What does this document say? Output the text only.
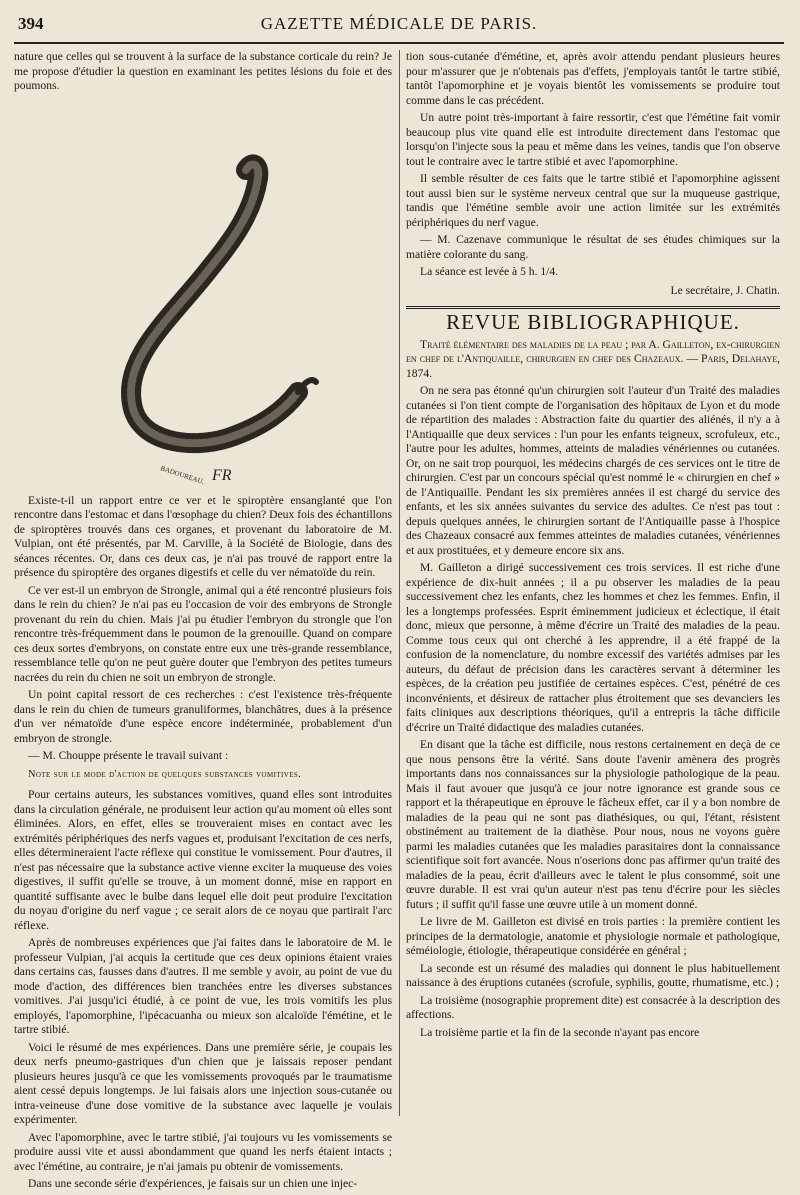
394	GAZETTE MÉDICALE DE PARIS.

nature que celles qui se trouvent à la surface de la substance corticale du rein? Je me propose d'étudier la question en examinant les petites lésions du foie et des poumons.

BADOUREAU. FR

Existe-t-il un rapport entre ce ver et le spiroptère ensanglanté que l'on rencontre dans l'estomac et dans l'œsophage du chien? Deux fois des échantillons de spiroptères trouvés dans ces organes, et provenant du laboratoire de M. Vulpian, ont été présentés, par M. Carville, à la Société de Biologie, dans des séances récentes. Or, dans ces deux cas, je n'ai pas trouvé de rapport entre la présence du spiroptère des organes digestifs et celle du ver nématoïde du rein.

Ce ver est-il un embryon de Strongle, animal qui a été rencontré plusieurs fois dans le rein du chien? Je n'ai pas eu l'occasion de voir des embryons de Strongle provenant du rein du chien. Mais j'ai pu étudier l'embryon du strongle que l'on rencontre très-fréquemment dans le poumon de la grenouille. Quand on compare ces deux sortes d'embryons, on constate entre eux une très-grande ressemblance, ressemblance telle qu'on ne peut guère douter que l'embryon des petites tumeurs nacrées du rein du chien ne soit un embryon de strongle.

Un point capital ressort de ces recherches : c'est l'existence très-fréquente dans le rein du chien de tumeurs granuliformes, blanchâtres, dues à la présence d'un ver nématoïde d'une espèce encore indéterminée, probablement d'un embryon de strongle.

— M. Chouppe présente le travail suivant :

Note sur le mode d'action de quelques substances vomitives.

Pour certains auteurs, les substances vomitives, quand elles sont introduites dans la circulation générale, ne produisent leur action qu'au moment où elles sont éliminées. Alors, en effet, elles se trouveraient mises en contact avec les extrémités périphériques des nerfs vagues et, produisant l'excitation de ces nerfs, elles détermineraient l'acte réflexe qui constitue le vomissement. Pour d'autres, il n'est pas nécessaire que la substance active vienne exciter la muqueuse des voies digestives, il suffit qu'elle se trouve, à un moment donné, mise en rapport en quantité suffisante avec le bulbe dans lequel elle doit peut produire l'excitation du noyau d'origine du nerf vague ; ce serait alors de ce noyau que partirait l'arc réflexe.

Après de nombreuses expériences que j'ai faites dans le laboratoire de M. le professeur Vulpian, j'ai acquis la certitude que ces deux opinions étaient vraies dans certains cas, fausses dans d'autres. Il me semble y avoir, au point de vue du mode d'action, des différences bien tranchées entre les diverses substances vomitives. J'ai jusqu'ici étudié, à ce point de vue, les trois vomitifs les plus employés, l'apomorphine, l'ipécacuanha ou mieux son alcaloïde l'émétine, et le tartre stibié.

Voici le résumé de mes expériences. Dans une première série, je coupais les deux nerfs pneumo-gastriques d'un chien que je laissais reposer pendant plusieurs heures jusqu'à ce que les vomissements provoqués par le traumatisme aient cessé depuis longtemps. Je lui faisais alors une injection sous-cutanée ou intra-veineuse d'une dose vomitive de la substance avec laquelle je voulais expérimenter.

Avec l'apomorphine, avec le tartre stibié, j'ai toujours vu les vomissements se produire aussi vite et aussi abondamment que quand les nerfs étaient intacts ; avec l'émétine, au contraire, je n'ai jamais pu obtenir de vomissements.

Dans une seconde série d'expériences, je faisais sur un chien une injec-

tion sous-cutanée d'émétine, et, après avoir attendu pendant plusieurs heures pour m'assurer que je n'obtenais pas d'effets, j'employais tantôt le tartre stibié, tantôt l'apomorphine et je voyais bientôt les vomissements se produire tout comme dans le cas précédent.

Un autre point très-important à faire ressortir, c'est que l'émétine fait vomir beaucoup plus vite quand elle est introduite directement dans l'estomac que lorsqu'on l'injecte sous la peau et même dans les veines, tandis que l'on observe tout le contraire avec le tartre stibié et avec l'apomorphine.

Il semble résulter de ces faits que le tartre stibié et l'apomorphine agissent tout aussi bien sur le système nerveux central que sur la muqueuse gastrique, tandis que l'émétine semble avoir une action limitée sur les extrémités périphériques du nerf vague.

— M. Cazenave communique le résultat de ses études chimiques sur la matière colorante du sang.

La séance est levée à 5 h. 1/4.

Le secrétaire, J. Chatin.

REVUE BIBLIOGRAPHIQUE.

Traité élémentaire des maladies de la peau ; par A. Gailleton, ex-chirurgien en chef de l'Antiquaille, chirurgien en chef des Chazeaux. — Paris, Delahaye, 1874.

On ne sera pas étonné qu'un chirurgien soit l'auteur d'un Traité des maladies cutanées si l'on tient compte de l'organisation des hôpitaux de Lyon et du mode de répartition des malades : Abstraction faite du quartier des aliénés, il n'y a à l'Antiquaille que deux services : l'un pour les enfants teigneux, scrofuleux, etc., l'autre pour les adultes, hommes, atteints de maladies vénériennes ou cutanées. Or, on ne sait trop pourquoi, les médecins chargés de ces services ont le titre de chirurgien. C'est par un concours spécial qu'est nommé le « chirurgien en chef » de l'Antiquaille. Pendant les six premières années il est chargé du service des enfants, et les six années suivantes du service des adultes. Ce n'est pas tout : depuis quelques années, le chirurgien sortant de l'Antiquaille passe à l'hospice des Chazeaux consacré aux femmes atteintes de maladies cutanées, vénériennes et aux prostituées, et y demeure encore six ans.

M. Gailleton a dirigé successivement ces trois services. Il est riche d'une expérience de dix-huit années ; il a pu observer les maladies de la peau successivement chez les enfants, chez les hommes et chez les femmes. Enfin, il les a longtemps professées. Esprit éminemment judicieux et éclectique, il était donc, mieux que personne, à même d'écrire un Traité des maladies de la peau. Comme tous ceux qui ont cherché à les apprendre, il a été frappé de la confusion de la nomenclature, du nombre excessif des variétés admises par les auteurs, du défaut de précision dans les caractères servant à déterminer les espèces, de la création peu justifiée de certaines espèces. C'est, pénétré de ces inconvénients, et désireux de rattacher plus étroitement que ses devanciers les faits cliniques aux descriptions théoriques, qu'il a entrepris la tâche difficile d'écrire un Traité didactique des maladies cutanées.

En disant que la tâche est difficile, nous restons certainement en deçà de ce que nous pensons être la vérité. Sans doute l'avenir amènera des progrès importants dans nos connaissances sur la physiologie pathologique de la peau. Mais il faut avouer que jusqu'à ce jour notre ignorance est grande sous ce rapport et la thérapeutique en éprouve le fâcheux effet, car il y a bon nombre de maladies de la peau qui ne sont pas diathésiques, ou qui, l'étant, résistent obstinément au traitement de la diathèse. Pour nous, nous ne voyons guère parmi les maladies cutanées que les maladies parasitaires dont la connaissance scientifique soit fort avancée. Nous n'oserions donc pas affirmer qu'un traité des maladies de la peau, écrit d'ailleurs avec le talent le plus consommé, soit une œuvre durable. Il est vrai qu'un auteur n'est pas tenu d'écrire pour les siècles futurs ; il suffit qu'il fasse une œuvre utile à un moment donné.

Le livre de M. Gailleton est divisé en trois parties : la première contient les principes de la dermatologie, anatomie et physiologie normale et pathologique, séméiologie, étiologie, thérapeutique considérée en général ;

La seconde est un résumé des maladies qui donnent le plus habituellement naissance à des éruptions cutanées (scrofule, syphilis, goutte, rhumatisme, etc.) ;

La troisième (nosographie proprement dite) est consacrée à la description des affections.

La troisième partie et la fin de la seconde n'ayant pas encore
